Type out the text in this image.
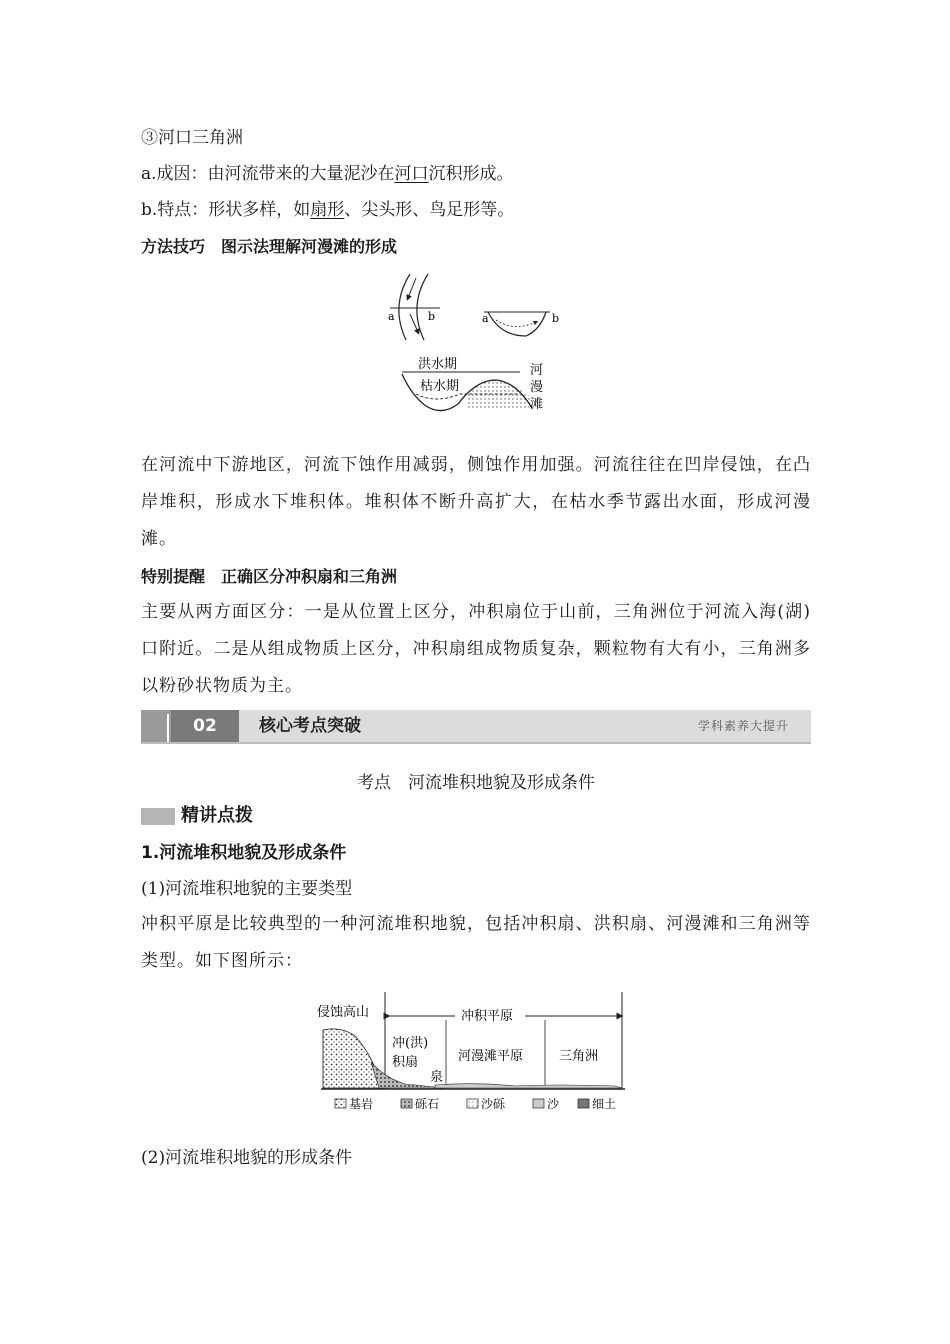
③河口三角洲
a.成因：由河流带来的大量泥沙在河口沉积形成。
b.特点：形状多样，如扇形、尖头形、鸟足形等。
方法技巧　图示法理解河漫滩的形成
a	b	a	b
洪水期
枯水期
河
漫
滩
在河流中下游地区，河流下蚀作用减弱，侧蚀作用加强。河流往往在凹岸侵蚀，在凸岸堆积，形成水下堆积体。堆积体不断升高扩大，在枯水季节露出水面，形成河漫滩。
特别提醒　正确区分冲积扇和三角洲
主要从两方面区分：一是从位置上区分，冲积扇位于山前，三角洲位于河流入海(湖)口附近。二是从组成物质上区分，冲积扇组成物质复杂，颗粒物有大有小，三角洲多以粉砂状物质为主。
02	核心考点突破	学科素养大提升
考点　河流堆积地貌及形成条件
精讲点拨
1.河流堆积地貌及形成条件
(1)河流堆积地貌的主要类型
冲积平原是比较典型的一种河流堆积地貌，包括冲积扇、洪积扇、河漫滩和三角洲等类型。如下图所示：
侵蚀高山	冲积平原
冲(洪)
积扇
泉
河漫滩平原	三角洲
基岩	砾石	沙砾	沙	细土
(2)河流堆积地貌的形成条件
